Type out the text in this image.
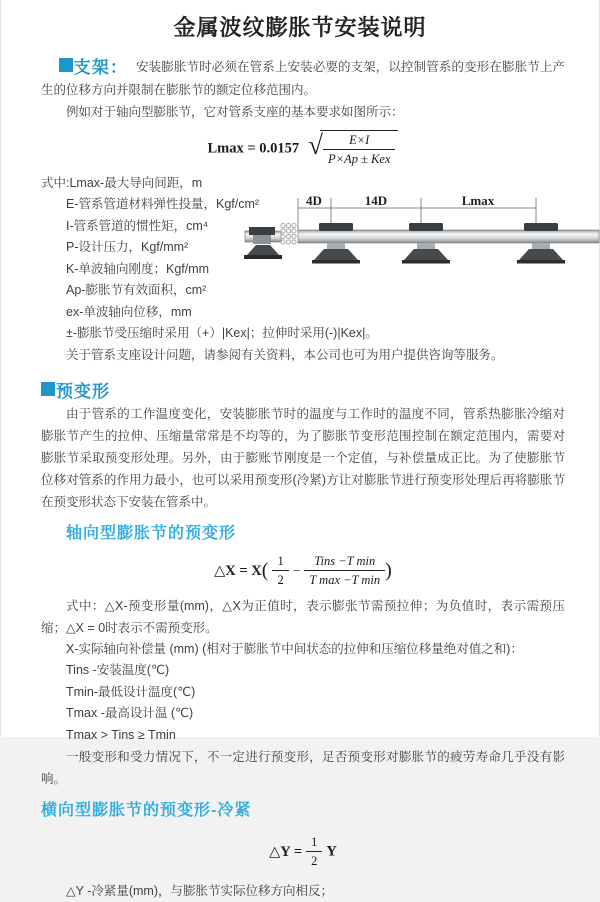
金属波纹膨胀节安装说明

支架： 安装膨胀节时必须在管系上安装必要的支架，以控制管系的变形在膨胀节上产生的位移方向并限制在膨胀节的额定位移范围内。

例如对于轴向型膨胀节，它对管系支座的基本要求如图所示：

Lmax = 0.0157 √ $\frac{E\times I}{\text{P×Ap ± Kex}}$

式中:Lmax-最大导向间距，m

E-管系管道材料弹性投量，Kgf/cm²

I-管系管道的惯性矩，cm⁴

P-设计压力，Kgf/mm²

K-单波轴向刚度；Kgf/mm

Ap-膨胀节有效面积，cm²

ex-单波轴向位移，mm

±-膨胀节受压缩时采用（+）|Kex|；拉伸时采用(-)|Kex|。

关于管系支座设计问题，请参阅有关资料，本公司也可为用户提供咨询等服务。

预变形

由于管系的工作温度变化，安装膨胀节时的温度与工作时的温度不同，管系热膨胀冷缩对膨胀节产生的拉伸、压缩量常常是不均等的，为了膨胀节变形范围控制在额定范围内，需要对膨胀节采取预变形处理。另外，由于膨账节刚度是一个定值，与补偿量成正比。为了使膨胀节位移对管系的作用力最小，也可以采用预变形(冷紧)方让对膨胀节进行预变形处理后再将膨胀节在预变形状态下安装在管系中。

轴向型膨胀节的预变形

△X = $X( \frac{1}{2} - \frac{\text{Tins −T min}}{\text{T max −T min}}$ )

式中：△X-预变形量(mm)，△X为正值时，表示膨张节需预拉伸；为负值时，表示需预压缩；△X = 0时表示不需预变形。

X-实际轴向补偿量 (mm) (相对于膨胀节中间状态的拉伸和压缩位移量绝对值之和)：

Tins -安装温度(℃)

Tmin-最低设计温度(℃)

Tmax -最高设计温 (℃)

Tmax > Tins ≥ Tmin

一般变形和受力情况下，不一定进行预变形，足否预变形对膨胀节的疲劳寿命几乎没有影响。

横向型膨胀节的预变形-冷紧

△Y = $\frac{1}{2}$ Y

△Y -冷紧量(mm)，与膨胀节实际位移方向相反；

4D	14D	Lmax
